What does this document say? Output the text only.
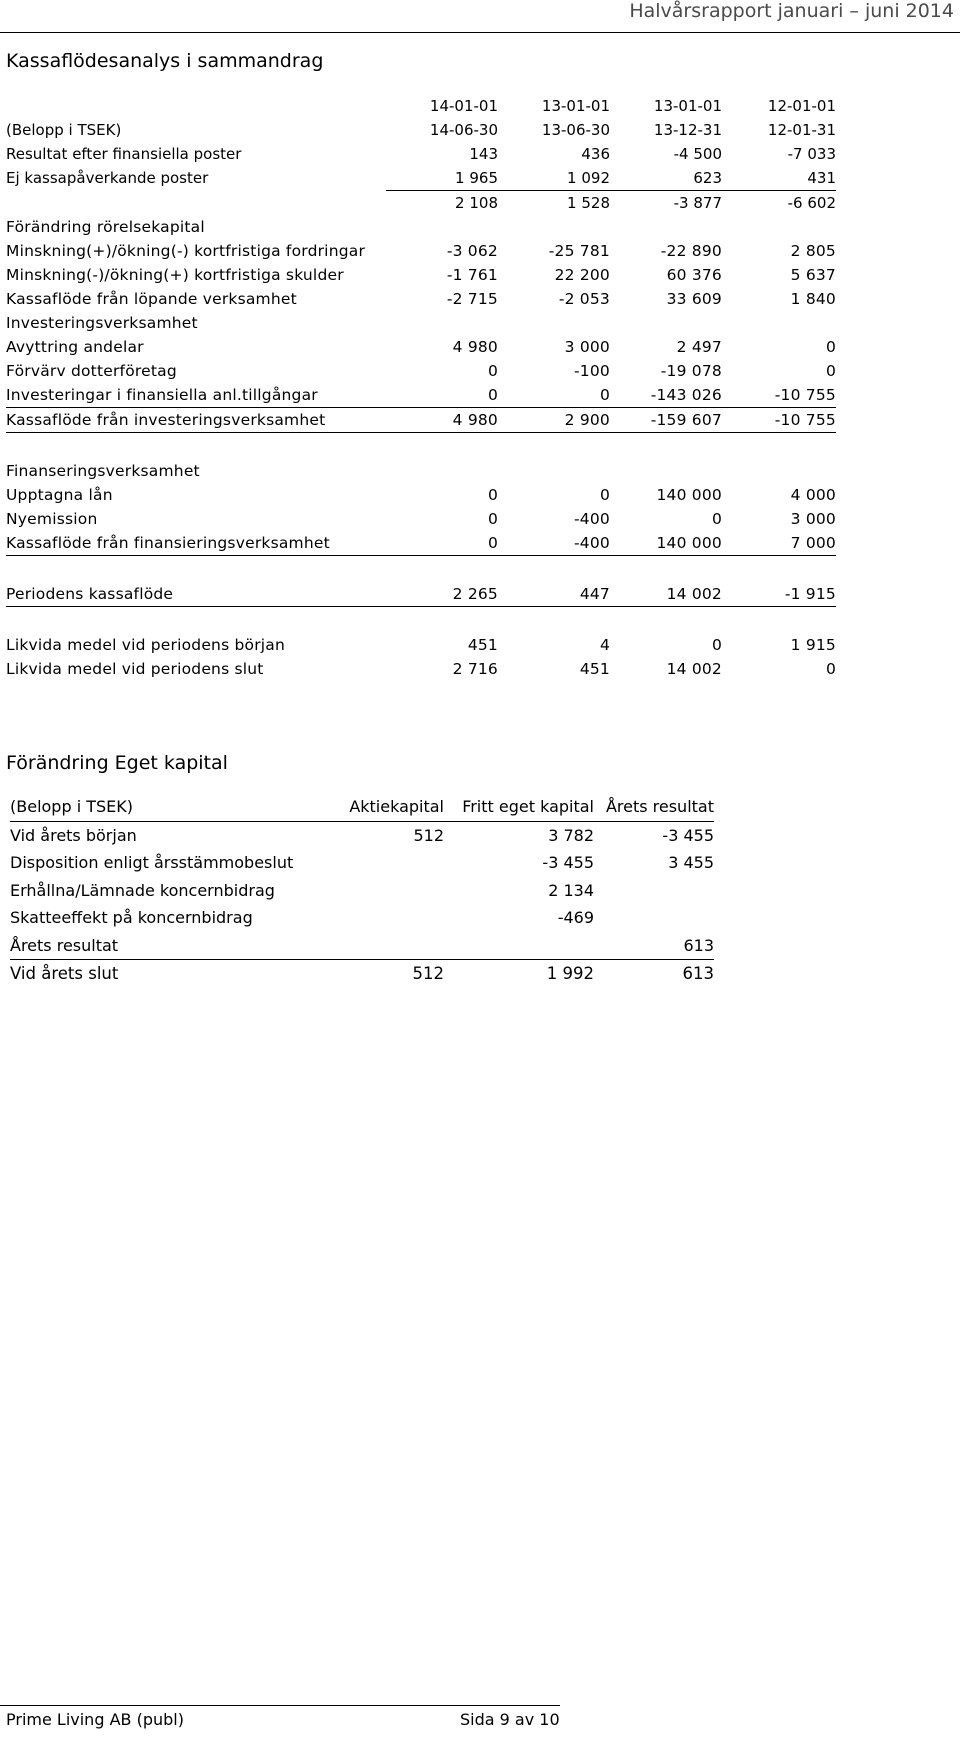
Halvårsrapport januari – juni 2014
Kassaflödesanalys i sammandrag
	14-01-01	13-01-01	13-01-01	12-01-01
(Belopp i TSEK)	14-06-30	13-06-30	13-12-31	12-01-31
Resultat efter finansiella poster	143	436	-4 500	-7 033
Ej kassapåverkande poster	1 965	1 092	623	431
	2 108	1 528	-3 877	-6 602
Förändring rörelsekapital				
Minskning(+)/ökning(-) kortfristiga fordringar	-3 062	-25 781	-22 890	2 805
Minskning(-)/ökning(+) kortfristiga skulder	-1 761	22 200	60 376	5 637
Kassaflöde från löpande verksamhet	-2 715	-2 053	33 609	1 840
Investeringsverksamhet				
Avyttring andelar	4 980	3 000	2 497	0
Förvärv dotterföretag	0	-100	-19 078	0
Investeringar i finansiella anl.tillgångar	0	0	-143 026	-10 755
Kassaflöde från investeringsverksamhet	4 980	2 900	-159 607	-10 755

Finanseringsverksamhet				
Upptagna lån	0	0	140 000	4 000
Nyemission	0	-400	0	3 000
Kassaflöde från finansieringsverksamhet	0	-400	140 000	7 000

Periodens kassaflöde	2 265	447	14 002	-1 915

Likvida medel vid periodens början	451	4	0	1 915
Likvida medel vid periodens slut	2 716	451	14 002	0
Förändring Eget kapital
(Belopp i TSEK)	Aktiekapital	Fritt eget kapital	Årets resultat
Vid årets början	512	3 782	-3 455
Disposition enligt årsstämmobeslut		-3 455	3 455
Erhållna/Lämnade koncernbidrag		2 134	
Skatteeffekt på koncernbidrag		-469	
Årets resultat			613
Vid årets slut	512	1 992	613
Prime Living AB (publ)	Sida 9 av 10
